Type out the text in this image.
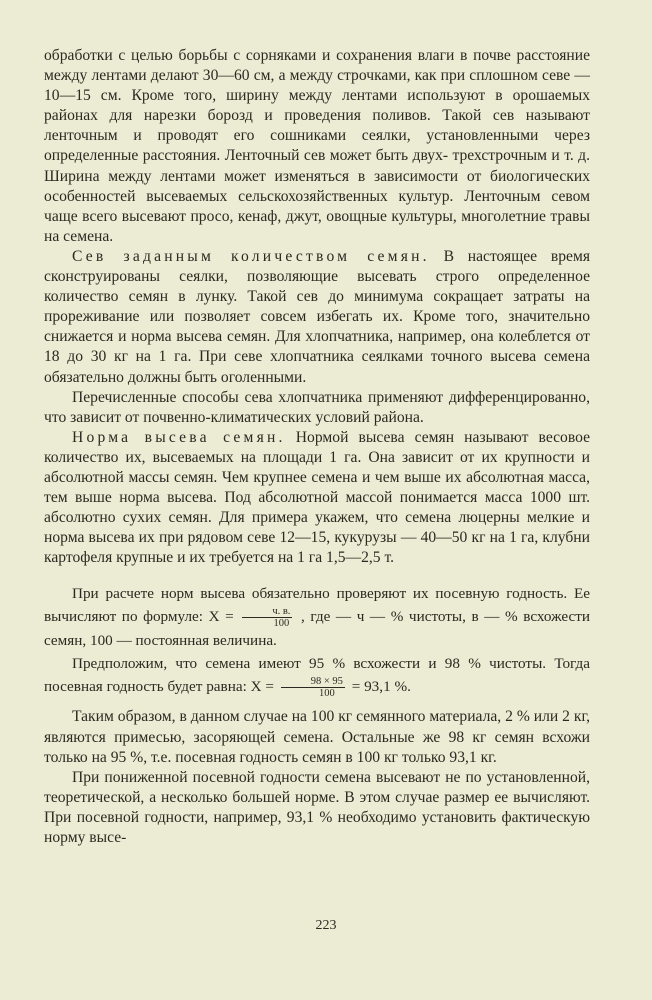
обработки с целью борьбы с сорняками и сохранения влаги в почве расстояние между лентами делают 30—60 см, а между строчками, как при сплошном севе —10—15 см. Кроме того, ширину между лентами используют в орошаемых районах для нарезки борозд и проведения поливов. Такой сев называют ленточным и проводят его сошниками сеялки, установленными через определенные расстояния. Ленточный сев может быть двух- трехстрочным и т. д. Ширина между лентами может изменяться в зависимости от биологических особенностей высеваемых сельскохозяйственных культур. Ленточным севом чаще всего высевают просо, кенаф, джут, овощные культуры, многолетние травы на семена.

Сев заданным количеством семян. В настоящее время сконструированы сеялки, позволяющие высевать строго определенное количество семян в лунку. Такой сев до минимума сокращает затраты на прореживание или позволяет совсем избегать их. Кроме того, значительно снижается и норма высева семян. Для хлопчатника, например, она колеблется от 18 до 30 кг на 1 га. При севе хлопчатника сеялками точного высева семена обязательно должны быть оголенными.

Перечисленные способы сева хлопчатника применяют дифференцированно, что зависит от почвенно-климатических условий района.

Норма высева семян. Нормой высева семян называют весовое количество их, высеваемых на площади 1 га. Она зависит от их крупности и абсолютной массы семян. Чем крупнее семена и чем выше их абсолютная масса, тем выше норма высева. Под абсолютной массой понимается масса 1000 шт. абсолютно сухих семян. Для примера укажем, что семена люцерны мелкие и норма высева их при рядовом севе 12—15, кукурузы — 40—50 кг на 1 га, клубни картофеля крупные и их требуется на 1 га 1,5—2,5 т.

При расчете норм высева обязательно проверяют их посевную годность. Ее вычисляют по формуле: $X = \frac{ч. в.}{100}$ , где — ч — % чистоты, в — % всхожести семян, 100 — постоянная величина.

Предположим, что семена имеют 95 % всхожести и 98 % чистоты. Тогда посевная годность будет равна: $X = \frac{98 \times 95}{100} = 93,1$ %.

Таким образом, в данном случае на 100 кг семянного материала, 2 % или 2 кг, являются примесью, засоряющей семена. Остальные же 98 кг семян всхожи только на 95 %, т.е. посевная годность семян в 100 кг только 93,1 кг.

При пониженной посевной годности семена высевают не по установленной, теоретической, а несколько большей норме. В этом случае размер ее вычисляют. При посевной годности, например, 93,1 % необходимо установить фактическую норму высе-

223
